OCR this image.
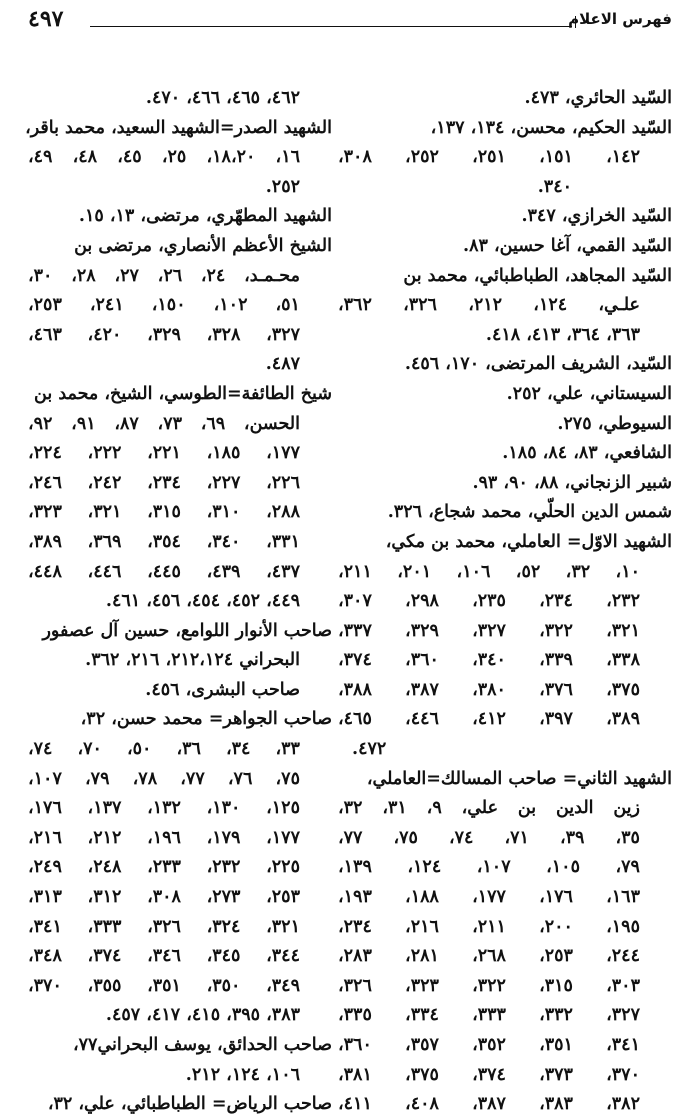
فهرس الاعلام
٤٩٧
السّيد الحائري، ٤٧٣.
السّيد الحكيم، محسن، ١٣٤، ١٣٧،
١٤٢، ١٥١، ٢٥١، ٢٥٢، ٣٠٨،
٣٤٠.
السّيد الخرازي، ٣٤٧.
السّيد القمي، آغا حسين، ٨٣.
السّيد المجاهد، الطباطبائي، محمد بن
علـي، ١٢٤، ٢١٢، ٣٢٦، ٣٦٢،
٣٦٣، ٣٦٤، ٤١٣، ٤١٨.
السّيد، الشريف المرتضى، ١٧٠، ٤٥٦.
السيستاني، علي، ٢٥٢.
السيوطي، ٢٧٥.
الشافعي، ٨٣، ٨٤، ١٨٥.
شبير الزنجاني، ٨٨، ٩٠، ٩٣.
شمس الدين الحلّي، محمد شجاع، ٣٢٦.
الشهيد الاوّل= العاملي، محمد بن مكي،
١٠، ٣٢، ٥٢، ١٠٦، ٢٠١، ٢١١،
٢٣٢، ٢٣٤، ٢٣٥، ٢٩٨، ٣٠٧،
٣٢١، ٣٢٢، ٣٢٧، ٣٢٩، ٣٣٧،
٣٣٨، ٣٣٩، ٣٤٠، ٣٦٠، ٣٧٤،
٣٧٥، ٣٧٦، ٣٨٠، ٣٨٧، ٣٨٨،
٣٨٩، ٣٩٧، ٤١٢، ٤٤٦، ٤٦٥،
٤٧٢.
الشهيد الثاني= صاحب المسالك=العاملي،
زين الدين بن علي، ٩، ٣١، ٣٢،
٣٥، ٣٩، ٧١، ٧٤، ٧٥، ٧٧،
٧٩، ١٠٥، ١٠٧، ١٢٤، ١٣٩،
١٦٣، ١٧٦، ١٧٧، ١٨٨، ١٩٣،
١٩٥، ٢٠٠، ٢١١، ٢١٦، ٢٣٤،
٢٤٤، ٢٥٣، ٢٦٨، ٢٨١، ٢٨٣،
٣٠٣، ٣١٥، ٣٢٢، ٣٢٣، ٣٢٦،
٣٢٧، ٣٣٢، ٣٣٣، ٣٣٤، ٣٣٥،
٣٤١، ٣٥١، ٣٥٢، ٣٥٧، ٣٦٠،
٣٧٠، ٣٧٣، ٣٧٤، ٣٧٥، ٣٨١،
٣٨٢، ٣٨٣، ٣٨٧، ٤٠٨، ٤١١،
٤٦٢، ٤٦٥، ٤٦٦، ٤٧٠.
الشهيد الصدر=الشهيد السعيد، محمد باقر،
١٦، ١٨،٢٠، ٢٥، ٤٥، ٤٨، ٤٩،
٢٥٢.
الشهيد المطهّري، مرتضى، ١٣، ١٥.
الشيخ الأعظم الأنصاري، مرتضى بن
محـمـد، ٢٤، ٢٦، ٢٧، ٢٨، ٣٠،
٥١، ١٠٢، ١٥٠، ٢٤١، ٢٥٣،
٣٢٧، ٣٢٨، ٣٢٩، ٤٢٠، ٤٦٣،
٤٨٧.
شيخ الطائفة=الطوسي، الشيخ، محمد بن
الحسن، ٦٩، ٧٣، ٨٧، ٩١، ٩٢،
١٧٧، ١٨٥، ٢٢١، ٢٢٢، ٢٢٤،
٢٢٦، ٢٢٧، ٢٣٤، ٢٤٢، ٢٤٦،
٢٨٨، ٣١٠، ٣١٥، ٣٢١، ٣٢٣،
٣٣١، ٣٤٠، ٣٥٤، ٣٦٩، ٣٨٩،
٤٣٧، ٤٣٩، ٤٤٥، ٤٤٦، ٤٤٨،
٤٤٩، ٤٥٢، ٤٥٤، ٤٥٦، ٤٦١.
صاحب الأنوار اللوامع، حسين آل عصفور
البحراني ٢١٢،١٢٤، ٢١٦، ٣٦٢.
صاحب البشرى، ٤٥٦.
صاحب الجواهر= محمد حسن، ٣٢،
٣٣، ٣٤، ٣٦، ٥٠، ٧٠، ٧٤،
٧٥، ٧٦، ٧٧، ٧٨، ٧٩، ١٠٧،
١٢٥، ١٣٠، ١٣٢، ١٣٧، ١٧٦،
١٧٧، ١٧٩، ١٩٦، ٢١٢، ٢١٦،
٢٢٥، ٢٣٢، ٢٣٣، ٢٤٨، ٢٤٩،
٢٥٣، ٢٧٣، ٣٠٨، ٣١٢، ٣١٣،
٣٢١، ٣٢٤، ٣٢٦، ٣٣٣، ٣٤١،
٣٤٤، ٣٤٥، ٣٤٦، ٣٧٤، ٣٤٨،
٣٤٩، ٣٥٠، ٣٥١، ٣٥٥، ٣٧٠،
٣٨٣، ٣٩٥، ٤١٥، ٤١٧، ٤٥٧.
صاحب الحدائق، يوسف البحراني٧٧،
١٠٦، ١٢٤، ٢١٢.
صاحب الرياض= الطباطبائي، علي، ٣٢،
